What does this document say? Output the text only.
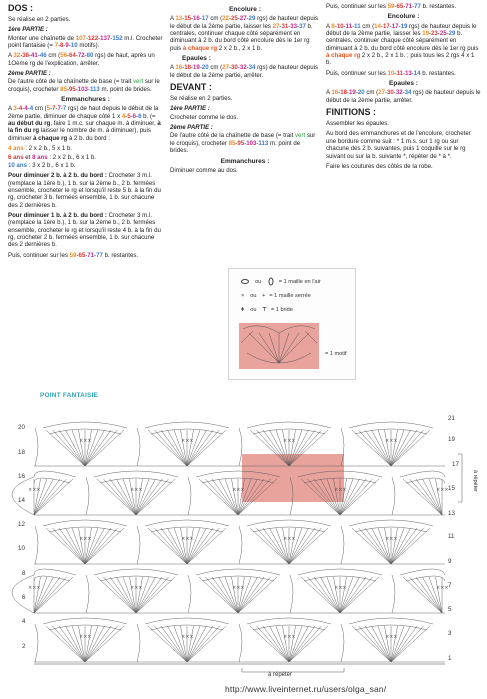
DOS :

Se réalise en 2 parties.

1ère PARTIE :

Monter une chaînette de 107-122-137-152 m.l. Crocheter point fantaisie (= 7-8-9-10 motifs).

A 32-36-41-46 cm (56-64-72-80 rgs) de haut, après un 1Oème rg de l'explication, arrêter.

2ème PARTIE :

De l'autre côté de la chaînette de base (= trait vert sur le croquis), crocheter 85-95-103-113 m. point de brides.

Emmanchures :

A 3-4-4-4 cm (5-7-7-7 rgs) de haut depuis le début de la 2ème partie, diminuer de chaque côté 1 x 4-5-6-6 b. (= au début du rg, faire 1 m.c. sur chaque m. à diminuer, à la fin du rg laisser le nombre de m. à diminuer), puis diminuer à chaque rg à 2 b. du bord :

4 ans : 2 x 2 b., 5 x 1 b.

6 ans et 8 ans : 2 x 2 b., 6 x 1 b.

10 ans : 3 x 2 b., 6 x 1 b.

Pour diminuer 2 b. à 2 b. du bord : Crocheter 3 m.l. (remplace la 1ère b.), 1 b. sur la 2ème b., 2 b. fermées ensemble, crocheter le rg et lorsqu'il reste 5 b. à la fin du rg, crocheter 3 b. fermées ensemble, 1 b. sur chacune des 2 dernières b.

Pour diminuer 1 b. à 2 b. du bord : Crocheter 3 m.l. (remplace la 1ère b.), 1 b. sur la 2ème b., 2 b. fermées ensemble, crocheter le rg et lorsqu'il reste 4 b. à la fin du rg, crocheter 2 b. fermées ensemble, 1 b. sur chacune des 2 dernières b.

Puis, continuer sur les 59-65-71-77 b. restantes.

Encolure :

A 13-15-16-17 cm (22-25-27-29 rgs) de hauteur depuis le début de la 2ème partie, laisser les 27-31-33-37 b. centrales, continuer chaque côté séparément en diminuant à 2 b. du bord côté encolure dès le 1er rg puis à chaque rg 2 x 2 b., 2 x 1 b.

Epaules :

A 16-18-19-20 cm (27-30-32-34 rgs) de hauteur depuis le début de la 2ème partie, arrêter.

DEVANT :

Se réalise en 2 parties.

1ère PARTIE :

Crocheter comme le dos.

2ème PARTIE :

De l'autre côté de la chaînette de base (= trait vert sur le croquis), crocheter 85-95-103-113 m. point de brides.

Emmanchures :

Diminuer comme au dos.

Puis, continuer sur les 59-65-71-77 b. restantes.

Encolure :

A 8-10-11-11 cm (14-17-17-19 rgs) de hauteur depuis le début de la 2ème partie, laisser les 19-23-25-29 b. centrales, continuer chaque côté séparément en diminuant à 2 b. du bord côté encolure dès le 1er rg puis à chaque rg 2 x 2 b., 2 x 1 b. ; puis tous les 2 rgs 4 x 1 b.

Puis, continuer sur les 10-11-13-14 b. restantes.

Epaules :

A 16-18-19-20 cm (27-30-32-34 rgs) de hauteur depuis le début de la 2ème partie, arrêter.

FINITIONS :

Assembler les épaules.

Au bord des emmanchures et de l'encolure, crocheter une bordure comme suit : * 1 m.s. sur 1 rg ou sur chacune des 2 b. suivantes, puis 1 coquille sur le rg suivant ou sur la b. suivante *, répéter de * à *.

Faire les coutures des côtés de la robe.

ou	= 1 maille en l'air
× ou + = 1 maille serrée
ǂ ou ⊤ = 1 bride
= 1 motif
POINT FANTAISIE
×××	×××	×××	×××
×××	×××	×××	×××	×××
×××	×××	×××	×××
×××	×××	×××	×××	×××
×××	×××	×××	×××
21
19
17
15
13
11
9
7
5
3
1
20
18
16
14
12
10
8
6
4
2
à répéter
à répéter
http://www.liveinternet.ru/users/olga_san/
